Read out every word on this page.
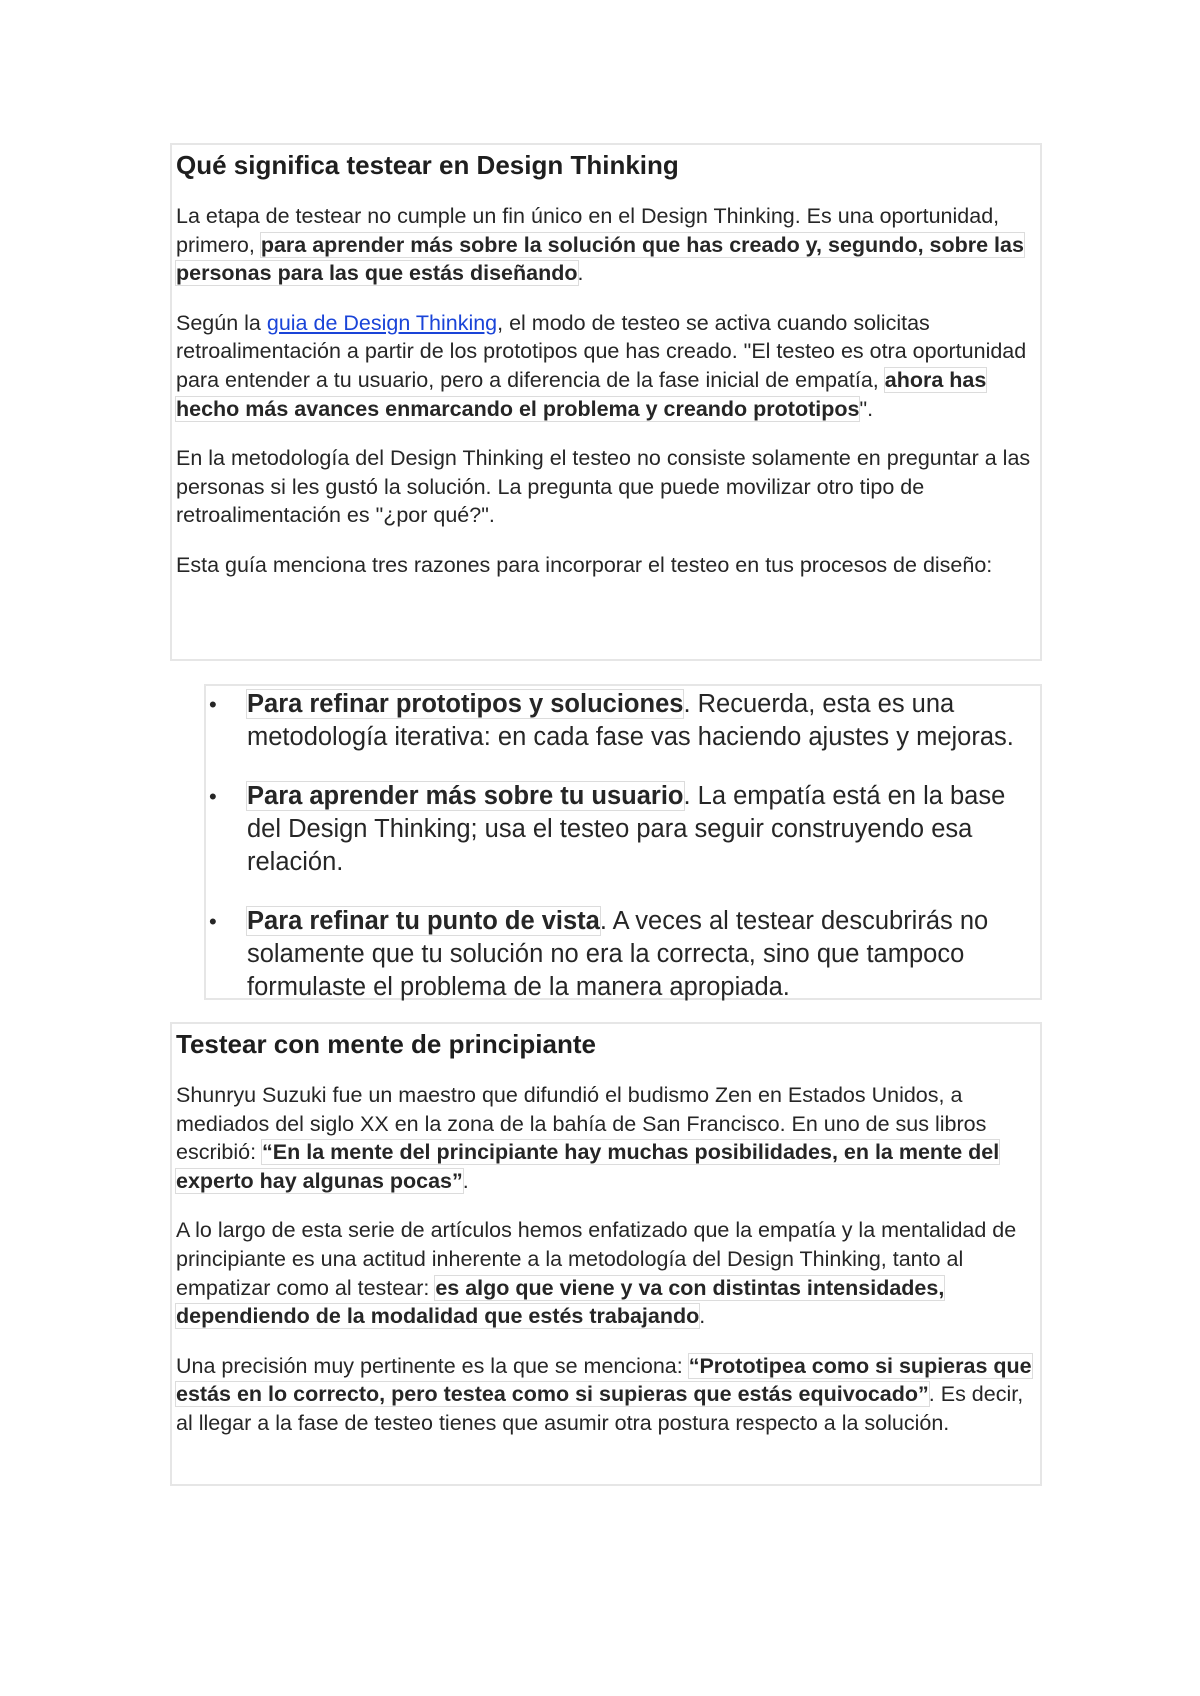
Qué significa testear en Design Thinking

La etapa de testear no cumple un fin único en el Design Thinking. Es una oportunidad, primero, para aprender más sobre la solución que has creado y, segundo, sobre las personas para las que estás diseñando.

Según la guia de Design Thinking, el modo de testeo se activa cuando solicitas retroalimentación a partir de los prototipos que has creado. "El testeo es otra oportunidad para entender a tu usuario, pero a diferencia de la fase inicial de empatía, ahora has hecho más avances enmarcando el problema y creando prototipos".

En la metodología del Design Thinking el testeo no consiste solamente en preguntar a las personas si les gustó la solución. La pregunta que puede movilizar otro tipo de retroalimentación es "¿por qué?".

Esta guía menciona tres razones para incorporar el testeo en tus procesos de diseño:

• Para refinar prototipos y soluciones. Recuerda, esta es una metodología iterativa: en cada fase vas haciendo ajustes y mejoras.
• Para aprender más sobre tu usuario. La empatía está en la base del Design Thinking; usa el testeo para seguir construyendo esa relación.
• Para refinar tu punto de vista. A veces al testear descubrirás no solamente que tu solución no era la correcta, sino que tampoco formulaste el problema de la manera apropiada.
Testear con mente de principiante

Shunryu Suzuki fue un maestro que difundió el budismo Zen en Estados Unidos, a mediados del siglo XX en la zona de la bahía de San Francisco. En uno de sus libros escribió: “En la mente del principiante hay muchas posibilidades, en la mente del experto hay algunas pocas”.

A lo largo de esta serie de artículos hemos enfatizado que la empatía y la mentalidad de principiante es una actitud inherente a la metodología del Design Thinking, tanto al empatizar como al testear: es algo que viene y va con distintas intensidades, dependiendo de la modalidad que estés trabajando.

Una precisión muy pertinente es la que se menciona: “Prototipea como si supieras que estás en lo correcto, pero testea como si supieras que estás equivocado”. Es decir, al llegar a la fase de testeo tienes que asumir otra postura respecto a la solución.
